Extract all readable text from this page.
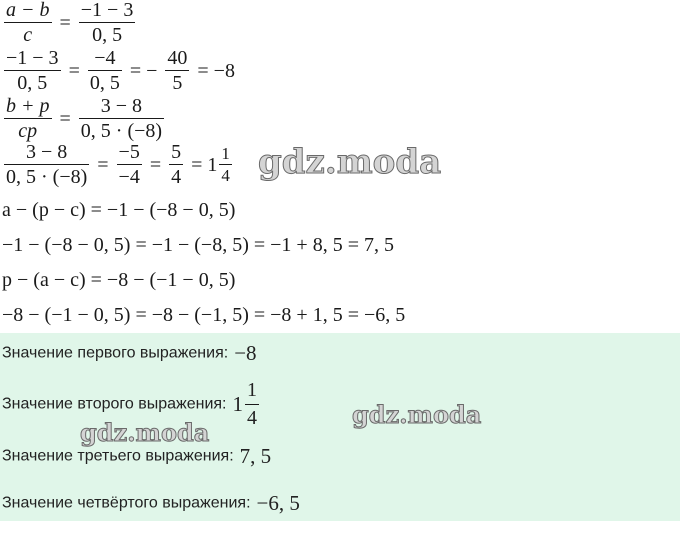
$\frac{a - b}{c} = \frac{-1 - 3}{0, 5}$
$\frac{-1 - 3}{0, 5} = \frac{-4}{0, 5}$ = − $\frac{40}{5} = -8$
$\frac{b + p}{cp} = \frac{3 - 8}{0, 5 \cdot (-8)}$
$\frac{3 - 8}{0, 5 \cdot (-8)} = \frac{-5}{-4} = \frac{5}{4} = 1 \frac{1}{4}$
a − (p − c) = −1 − (−8 − 0, 5)
−1 − (−8 − 0, 5) = −1 − (−8, 5) = −1 + 8, 5 = 7, 5
p − (a − c) = −8 − (−1 − 0, 5)
−8 − (−1 − 0, 5) = −8 − (−1, 5) = −8 + 1, 5 = −6, 5
Значение первого выражения: −8
Значение второго выражения: $1 \frac{1}{4}$
Значение третьего выражения: 7, 5
Значение четвёртого выражения: −6, 5
gdz.moda
gdz.moda
gdz.moda
